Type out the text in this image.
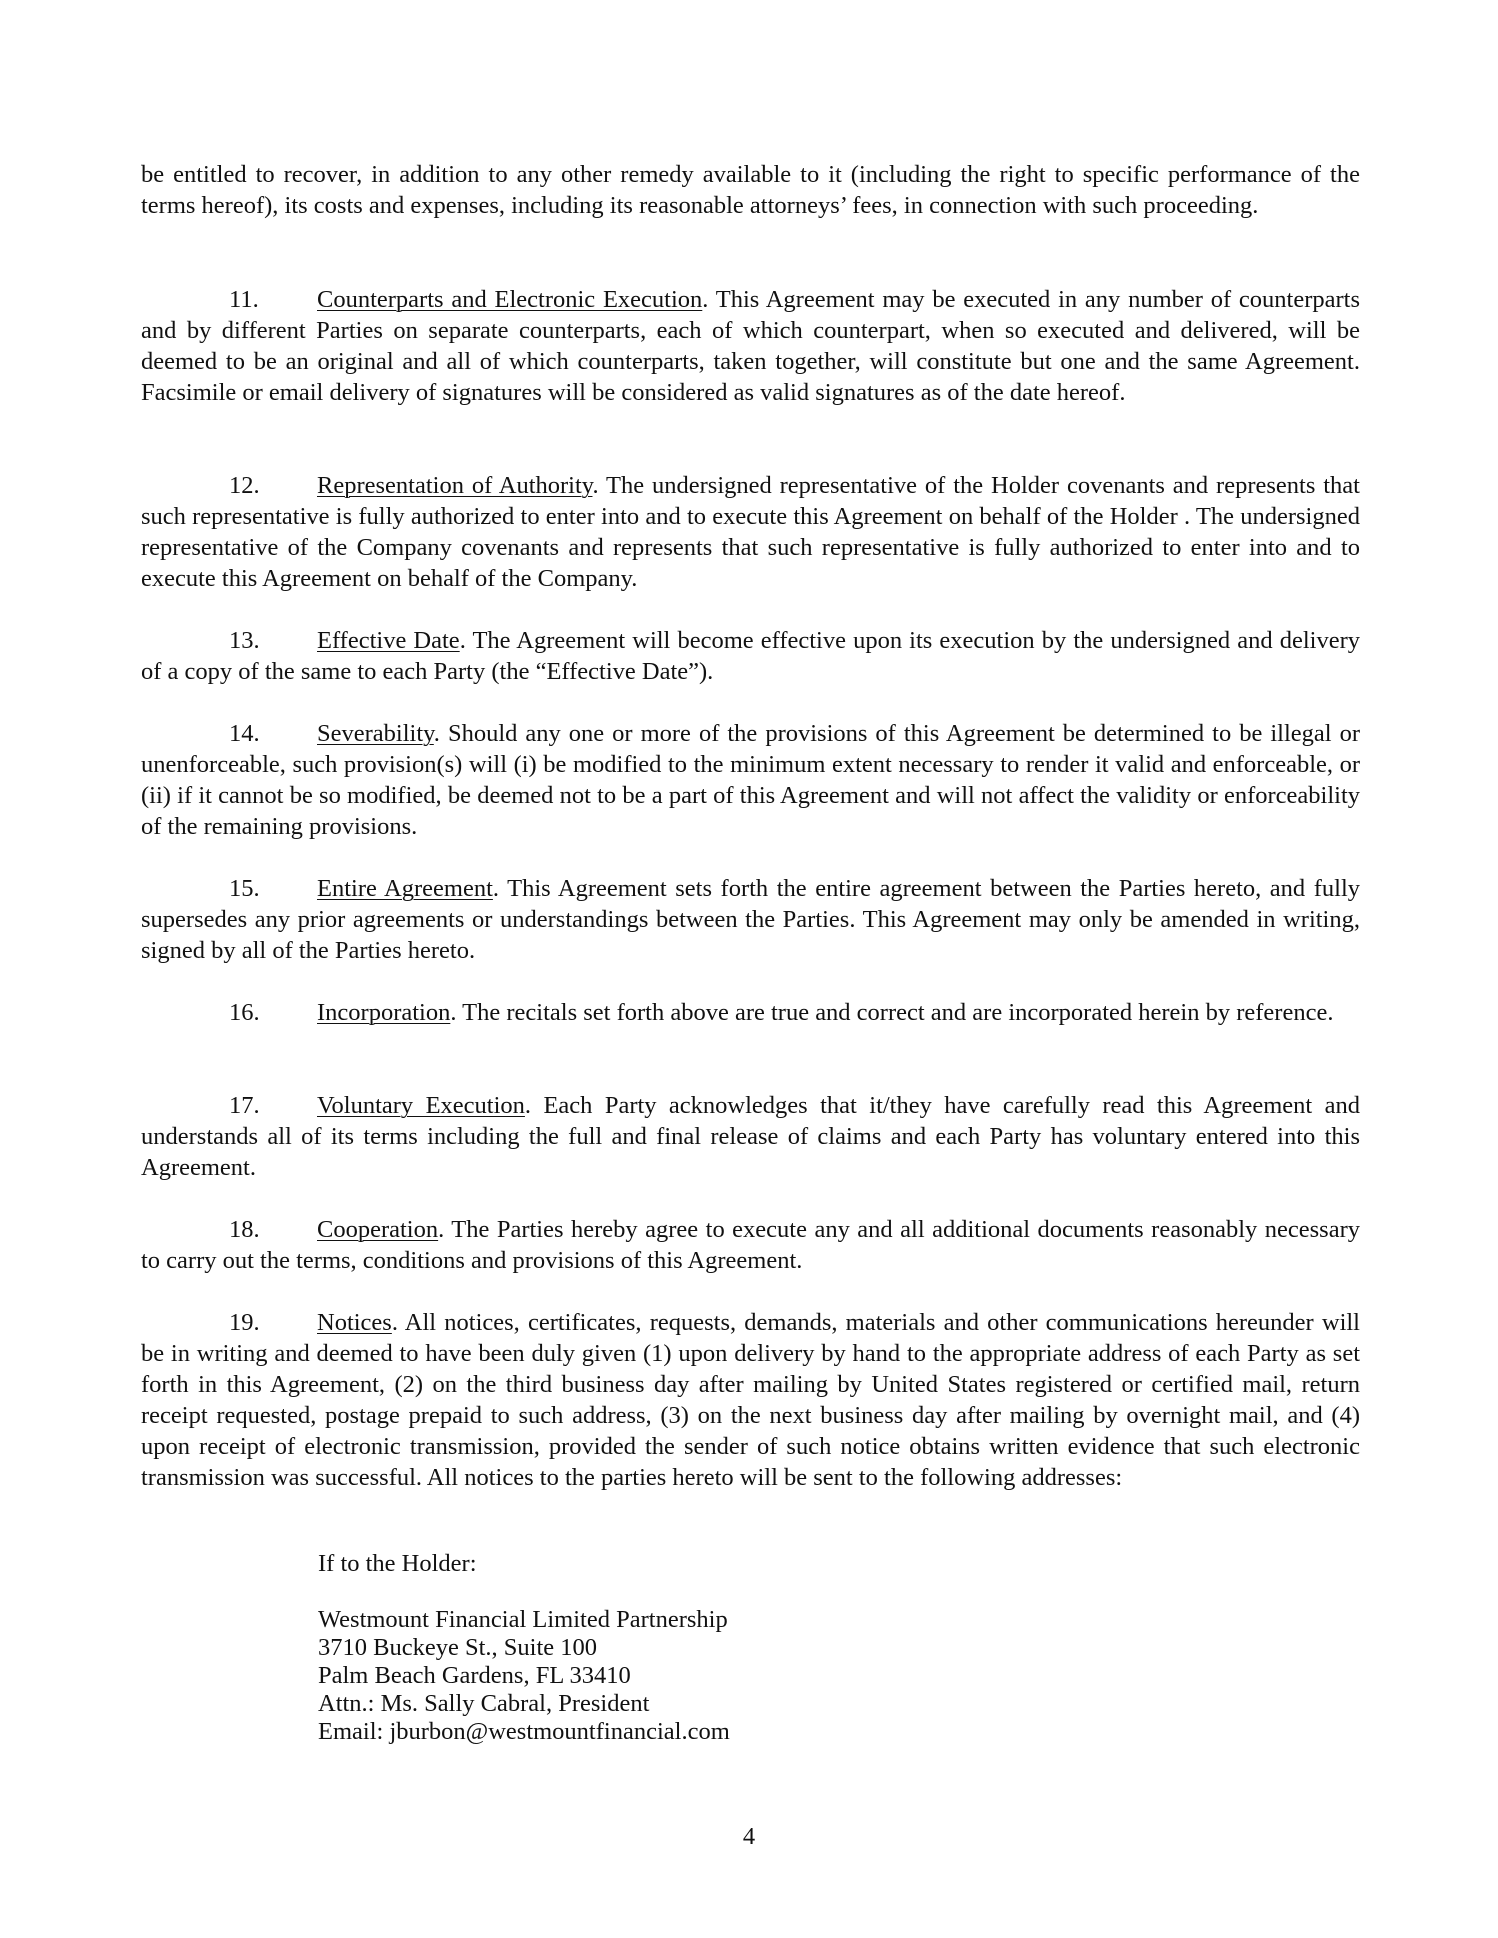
be entitled to recover, in addition to any other remedy available to it (including the right to specific performance of the terms hereof), its costs and expenses, including its reasonable attorneys’ fees, in connection with such proceeding.

11. Counterparts and Electronic Execution. This Agreement may be executed in any number of counterparts and by different Parties on separate counterparts, each of which counterpart, when so executed and delivered, will be deemed to be an original and all of which counterparts, taken together, will constitute but one and the same Agreement. Facsimile or email delivery of signatures will be considered as valid signatures as of the date hereof.

12. Representation of Authority. The undersigned representative of the Holder covenants and represents that such representative is fully authorized to enter into and to execute this Agreement on behalf of the Holder . The undersigned representative of the Company covenants and represents that such representative is fully authorized to enter into and to execute this Agreement on behalf of the Company.

13. Effective Date. The Agreement will become effective upon its execution by the undersigned and delivery of a copy of the same to each Party (the “Effective Date”).

14. Severability. Should any one or more of the provisions of this Agreement be determined to be illegal or unenforceable, such provision(s) will (i) be modified to the minimum extent necessary to render it valid and enforceable, or (ii) if it cannot be so modified, be deemed not to be a part of this Agreement and will not affect the validity or enforceability of the remaining provisions.

15. Entire Agreement. This Agreement sets forth the entire agreement between the Parties hereto, and fully supersedes any prior agreements or understandings between the Parties. This Agreement may only be amended in writing, signed by all of the Parties hereto.

16. Incorporation. The recitals set forth above are true and correct and are incorporated herein by reference.

17. Voluntary Execution. Each Party acknowledges that it/they have carefully read this Agreement and understands all of its terms including the full and final release of claims and each Party has voluntary entered into this Agreement.

18. Cooperation. The Parties hereby agree to execute any and all additional documents reasonably necessary to carry out the terms, conditions and provisions of this Agreement.

19. Notices. All notices, certificates, requests, demands, materials and other communications hereunder will be in writing and deemed to have been duly given (1) upon delivery by hand to the appropriate address of each Party as set forth in this Agreement, (2) on the third business day after mailing by United States registered or certified mail, return receipt requested, postage prepaid to such address, (3) on the next business day after mailing by overnight mail, and (4) upon receipt of electronic transmission, provided the sender of such notice obtains written evidence that such electronic transmission was successful. All notices to the parties hereto will be sent to the following addresses:

If to the Holder:
Westmount Financial Limited Partnership
3710 Buckeye St., Suite 100
Palm Beach Gardens, FL 33410
Attn.: Ms. Sally Cabral, President
Email: jburbon@westmountfinancial.com
4
